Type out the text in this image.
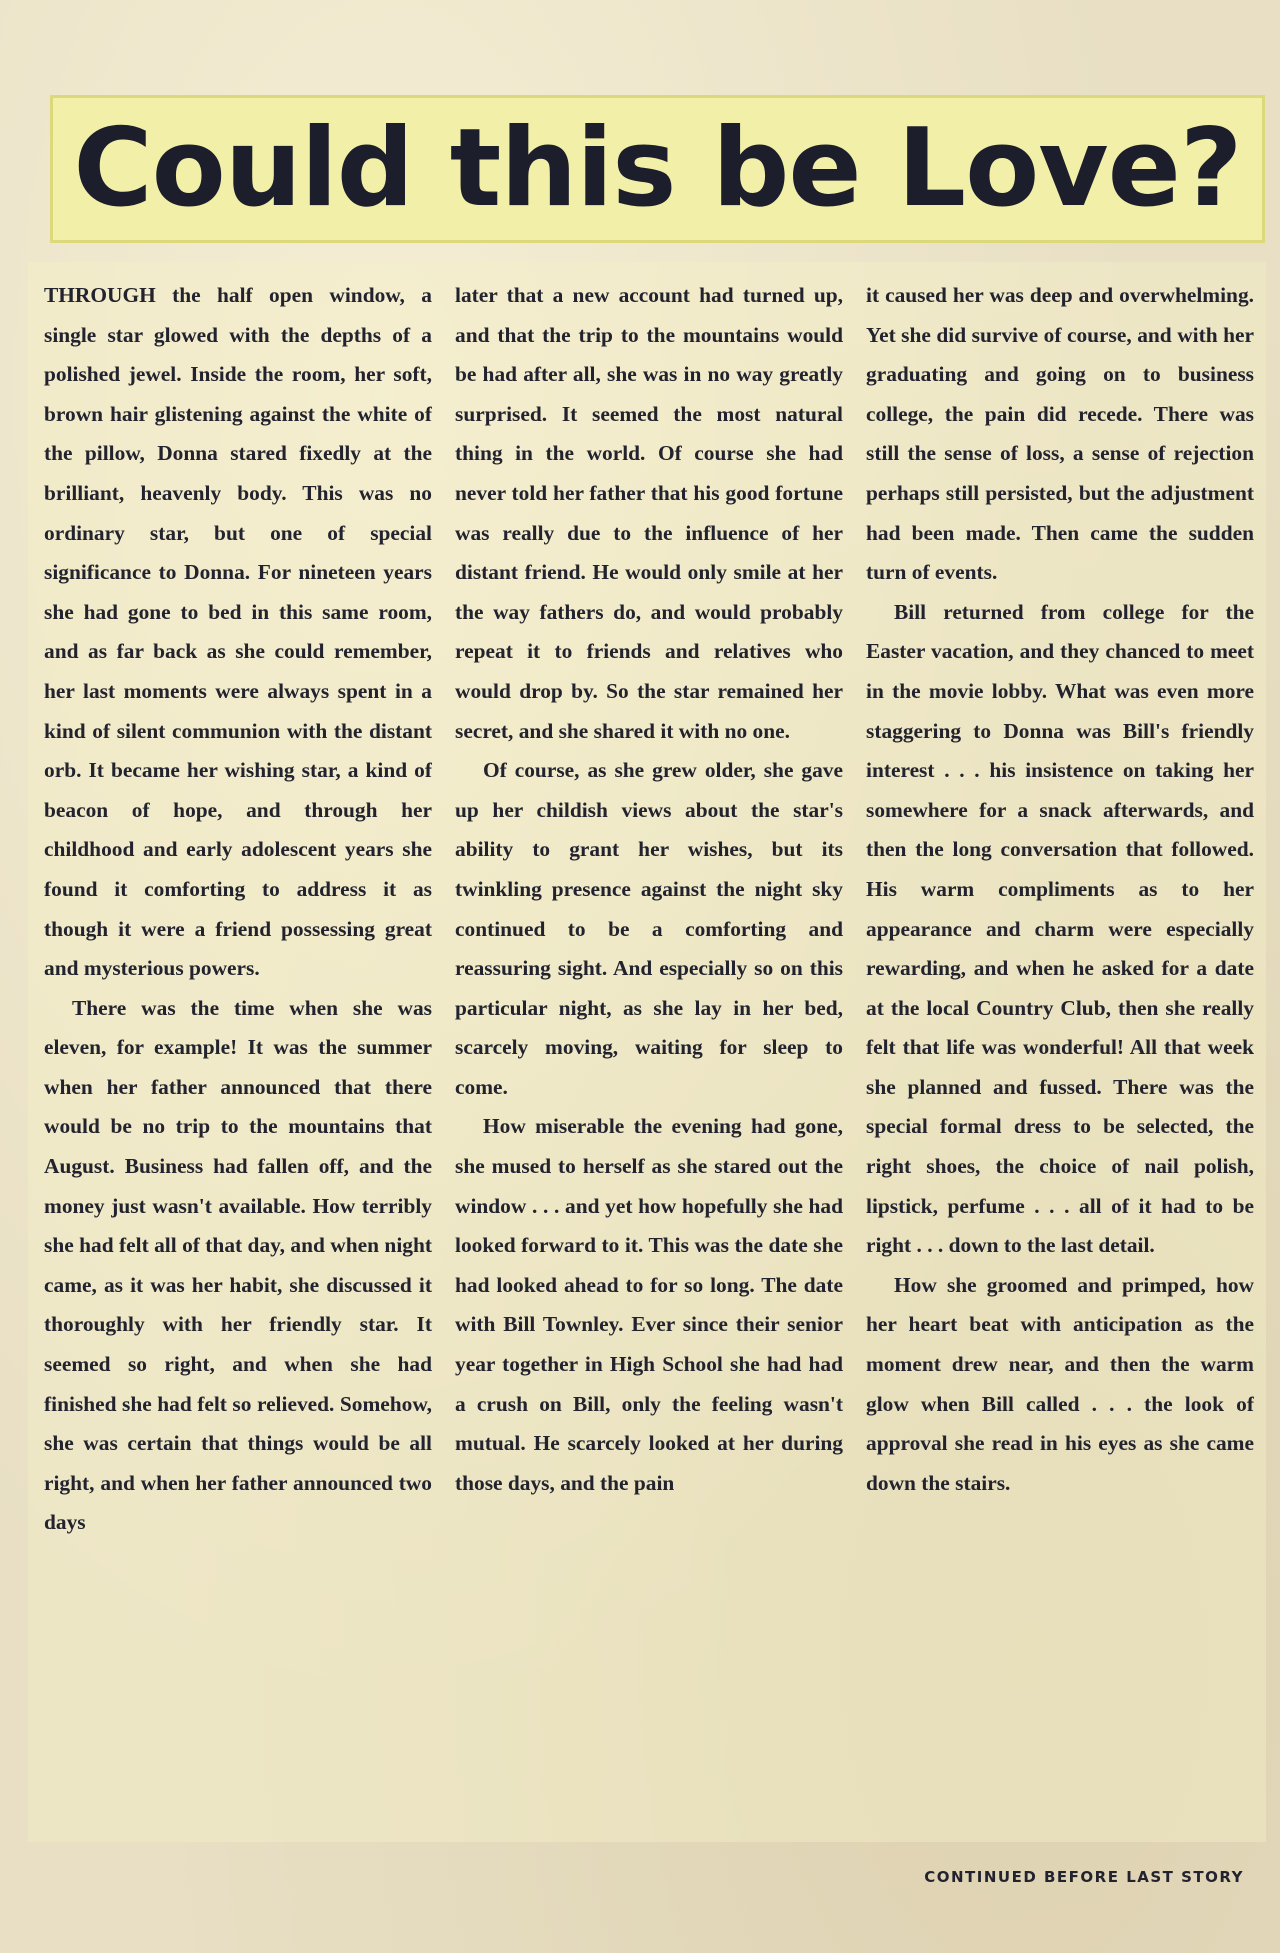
Could this be Love?

THROUGH the half open window, a single star glowed with the depths of a polished jewel. Inside the room, her soft, brown hair glistening against the white of the pillow, Donna stared fixedly at the brilliant, heavenly body. This was no ordinary star, but one of special significance to Donna. For nineteen years she had gone to bed in this same room, and as far back as she could remember, her last moments were always spent in a kind of silent communion with the distant orb. It became her wishing star, a kind of beacon of hope, and through her childhood and early adolescent years she found it comforting to address it as though it were a friend possessing great and mysterious powers.

There was the time when she was eleven, for example! It was the summer when her father announced that there would be no trip to the mountains that August. Business had fallen off, and the money just wasn't available. How terribly she had felt all of that day, and when night came, as it was her habit, she discussed it thoroughly with her friendly star. It seemed so right, and when she had finished she had felt so relieved. Somehow, she was certain that things would be all right, and when her father announced two days

later that a new account had turned up, and that the trip to the mountains would be had after all, she was in no way greatly surprised. It seemed the most natural thing in the world. Of course she had never told her father that his good fortune was really due to the influence of her distant friend. He would only smile at her the way fathers do, and would probably repeat it to friends and relatives who would drop by. So the star remained her secret, and she shared it with no one.

Of course, as she grew older, she gave up her childish views about the star's ability to grant her wishes, but its twinkling presence against the night sky continued to be a comforting and reassuring sight. And especially so on this particular night, as she lay in her bed, scarcely moving, waiting for sleep to come.

How miserable the evening had gone, she mused to herself as she stared out the window . . . and yet how hopefully she had looked forward to it. This was the date she had looked ahead to for so long. The date with Bill Townley. Ever since their senior year together in High School she had had a crush on Bill, only the feeling wasn't mutual. He scarcely looked at her during those days, and the pain

it caused her was deep and overwhelming. Yet she did survive of course, and with her graduating and going on to business college, the pain did recede. There was still the sense of loss, a sense of rejection perhaps still persisted, but the adjustment had been made. Then came the sudden turn of events.

Bill returned from college for the Easter vacation, and they chanced to meet in the movie lobby. What was even more staggering to Donna was Bill's friendly interest . . . his insistence on taking her somewhere for a snack afterwards, and then the long conversation that followed. His warm compliments as to her appearance and charm were especially rewarding, and when he asked for a date at the local Country Club, then she really felt that life was wonderful! All that week she planned and fussed. There was the special formal dress to be selected, the right shoes, the choice of nail polish, lipstick, perfume . . . all of it had to be right . . . down to the last detail.

How she groomed and primped, how her heart beat with anticipation as the moment drew near, and then the warm glow when Bill called . . . the look of approval she read in his eyes as she came down the stairs.

CONTINUED BEFORE LAST STORY
